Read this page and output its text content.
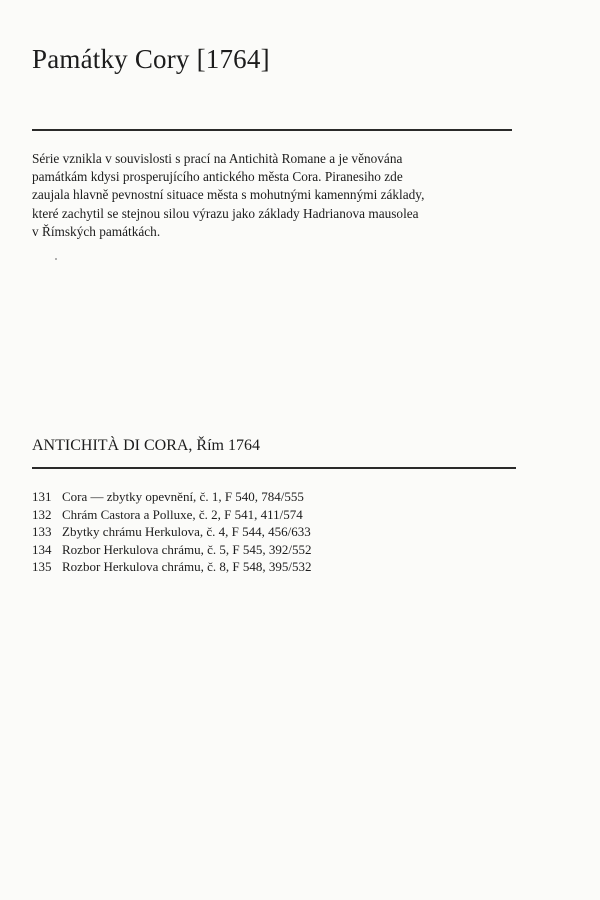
Památky Cory [1764]

Série vznikla v souvislosti s prací na Antichità Romane a je věnována
památkám kdysi prosperujícího antického města Cora. Piranesiho zde
zaujala hlavně pevnostní situace města s mohutnými kamennými základy,
které zachytil se stejnou silou výrazu jako základy Hadrianova mausolea
v Římských památkách.

ANTICHITÀ DI CORA, Řím 1764
131 Cora — zbytky opevnění, č. 1, F 540, 784/555
132 Chrám Castora a Polluxe, č. 2, F 541, 411/574
133 Zbytky chrámu Herkulova, č. 4, F 544, 456/633
134 Rozbor Herkulova chrámu, č. 5, F 545, 392/552
135 Rozbor Herkulova chrámu, č. 8, F 548, 395/532
